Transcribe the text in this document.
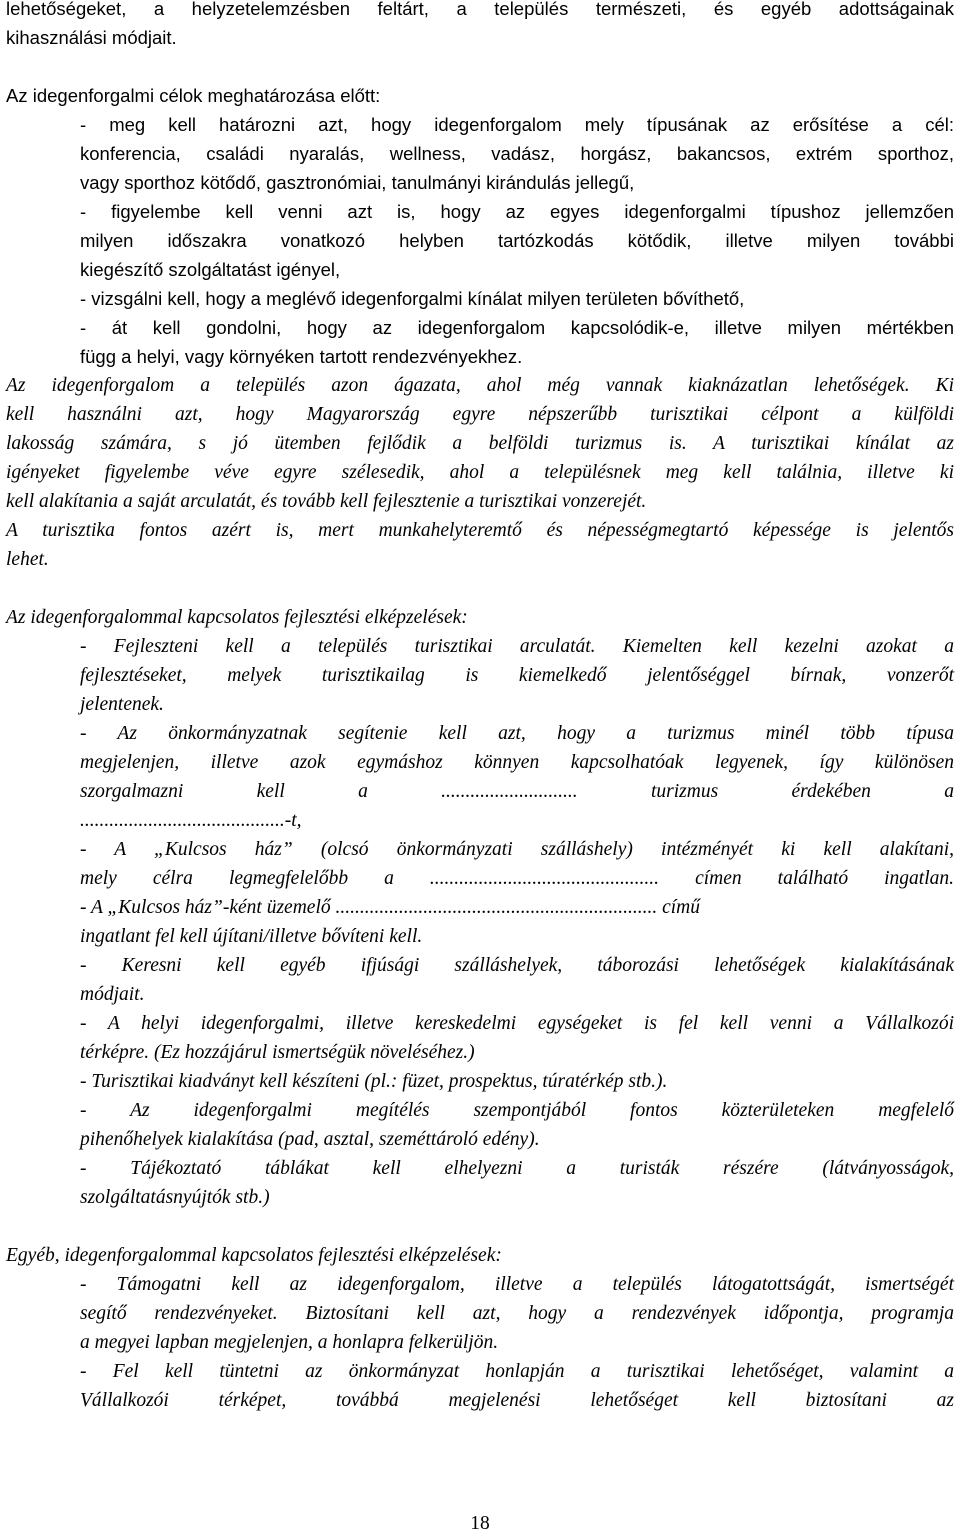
lehetőségeket, a helyzetelemzésben feltárt, a település természeti, és egyéb adottságainak
kihasználási módjait.
Az idegenforgalmi célok meghatározása előtt:
- meg kell határozni azt, hogy idegenforgalom mely típusának az erősítése a cél:
konferencia, családi nyaralás, wellness, vadász, horgász, bakancsos, extrém sporthoz,
vagy sporthoz kötődő, gasztronómiai, tanulmányi kirándulás jellegű,
- figyelembe kell venni azt is, hogy az egyes idegenforgalmi típushoz jellemzően
milyen időszakra vonatkozó helyben tartózkodás kötődik, illetve milyen további
kiegészítő szolgáltatást igényel,
- vizsgálni kell, hogy a meglévő idegenforgalmi kínálat milyen területen bővíthető,
- át kell gondolni, hogy az idegenforgalom kapcsolódik-e, illetve milyen mértékben
függ a helyi, vagy környéken tartott rendezvényekhez.
Az idegenforgalom a település azon ágazata, ahol még vannak kiaknázatlan lehetőségek. Ki
kell használni azt, hogy Magyarország egyre népszerűbb turisztikai célpont a külföldi
lakosság számára, s jó ütemben fejlődik a belföldi turizmus is. A turisztikai kínálat az
igényeket figyelembe véve egyre szélesedik, ahol a településnek meg kell találnia, illetve ki
kell alakítania a saját arculatát, és tovább kell fejlesztenie a turisztikai vonzerejét.
A turisztika fontos azért is, mert munkahelyteremtő és népességmegtartó képessége is jelentős
lehet.
Az idegenforgalommal kapcsolatos fejlesztési elképzelések:
- Fejleszteni kell a település turisztikai arculatát. Kiemelten kell kezelni azokat a
fejlesztéseket, melyek turisztikailag is kiemelkedő jelentőséggel bírnak, vonzerőt
jelentenek.
- Az önkormányzatnak segítenie kell azt, hogy a turizmus minél több típusa
megjelenjen, illetve azok egymáshoz könnyen kapcsolhatóak legyenek, így különösen
szorgalmazni kell a ............................ turizmus érdekében a
..........................................-t,
- A „Kulcsos ház” (olcsó önkormányzati szálláshely) intézményét ki kell alakítani,
mely célra legmegfelelőbb a ............................................... címen található ingatlan.
- A „Kulcsos ház”-ként üzemelő .................................................................. című
ingatlant fel kell újítani/illetve bővíteni kell.
- Keresni kell egyéb ifjúsági szálláshelyek, táborozási lehetőségek kialakításának
módjait.
- A helyi idegenforgalmi, illetve kereskedelmi egységeket is fel kell venni a Vállalkozói
térképre. (Ez hozzájárul ismertségük növeléséhez.)
- Turisztikai kiadványt kell készíteni (pl.: füzet, prospektus, túratérkép stb.).
- Az idegenforgalmi megítélés szempontjából fontos közterületeken megfelelő
pihenőhelyek kialakítása (pad, asztal, szeméttároló edény).
- Tájékoztató táblákat kell elhelyezni a turisták részére (látványosságok,
szolgáltatásnyújtók stb.)
Egyéb, idegenforgalommal kapcsolatos fejlesztési elképzelések:
- Támogatni kell az idegenforgalom, illetve a település látogatottságát, ismertségét
segítő rendezvényeket. Biztosítani kell azt, hogy a rendezvények időpontja, programja
a megyei lapban megjelenjen, a honlapra felkerüljön.
- Fel kell tüntetni az önkormányzat honlapján a turisztikai lehetőséget, valamint a
Vállalkozói térképet, továbbá megjelenési lehetőséget kell biztosítani az
18
